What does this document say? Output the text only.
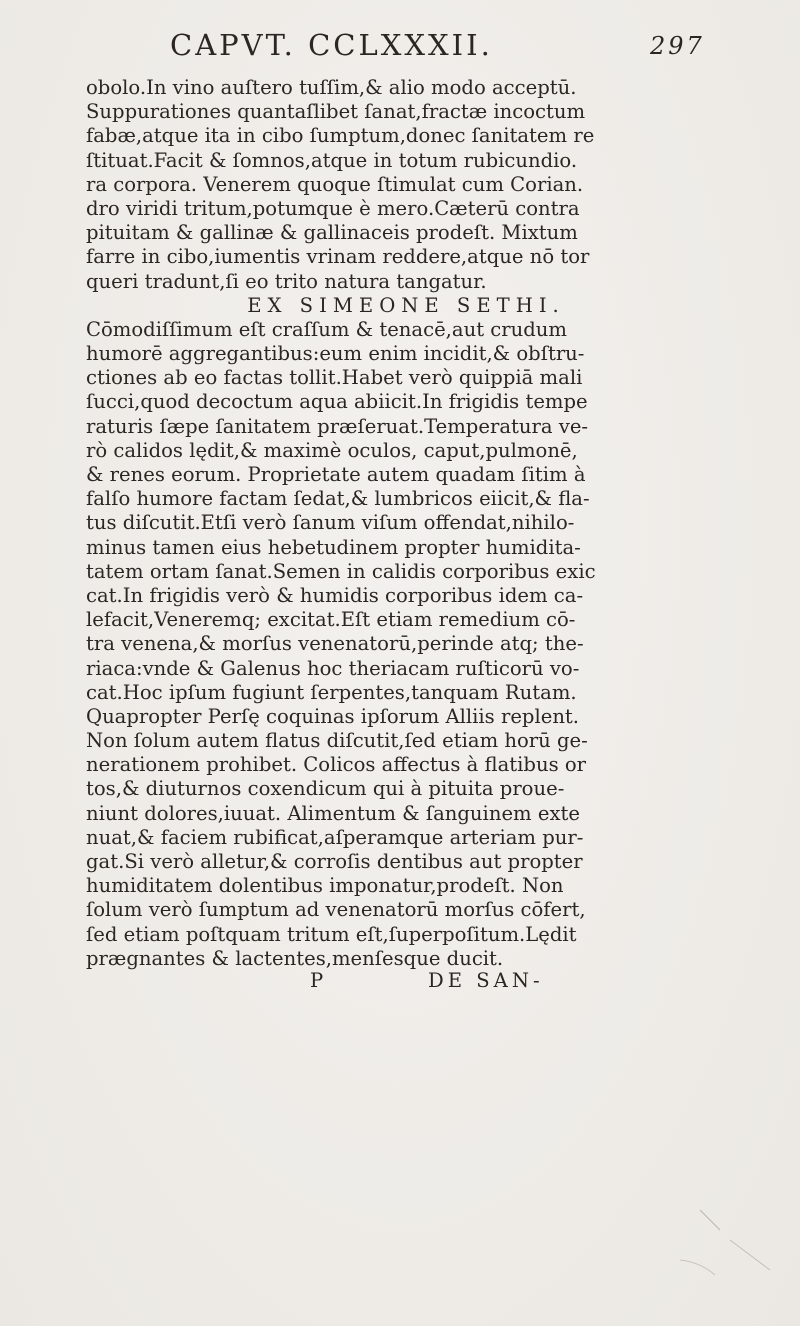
CAPVT. CCLXXXII.	297
obolo.In vino auſtero tuſſim,& alio modo acceptū.
Suppurationes quantaſlibet ſanat,fractæ incoctum
fabæ,atque ita in cibo ſumptum,donec ſanitatem re
ſtituat.Facit & ſomnos,atque in totum rubicundio.
ra corpora. Venerem quoque ſtimulat cum Corian.
dro viridi tritum,potumque è mero.Cæterū contra
pituitam & gallinæ & gallinaceis prodeſt. Mixtum
farre in cibo,iumentis vrinam reddere,atque nō tor
queri tradunt,ſi eo trito natura tangatur.
EX SIMEONE SETHI.
Cōmodiſſimum eſt craſſum & tenacē,aut crudum
humorē aggregantibus:eum enim incidit,& obſtru-
ctiones ab eo factas tollit.Habet verò quippiā mali
ſucci,quod decoctum aqua abiicit.In frigidis tempe
raturis ſæpe ſanitatem præſeruat.Temperatura ve-
rò calidos lędit,& maximè oculos, caput,pulmonē,
& renes eorum. Proprietate autem quadam ſitim à
falſo humore factam ſedat,& lumbricos eiicit,& fla-
tus diſcutit.Etſi verò ſanum viſum offendat,nihilo-
minus tamen eius hebetudinem propter humidita-
tatem ortam ſanat.Semen in calidis corporibus exic
cat.In frigidis verò & humidis corporibus idem ca-
lefacit,Veneremq; excitat.Eſt etiam remedium cō-
tra venena,& morſus venenatorū,perinde atq; the-
riaca:vnde & Galenus hoc theriacam ruſticorū vo-
cat.Hoc ipſum fugiunt ſerpentes,tanquam Rutam.
Quapropter Perſę coquinas ipſorum Alliis replent.
Non ſolum autem flatus diſcutit,ſed etiam horū ge-
nerationem prohibet. Colicos affectus à flatibus or
tos,& diuturnos coxendicum qui à pituita proue-
niunt dolores,iuuat. Alimentum & ſanguinem exte
nuat,& faciem rubificat,aſperamque arteriam pur-
gat.Si verò alletur,& corroſis dentibus aut propter
humiditatem dolentibus imponatur,prodeſt. Non
ſolum verò ſumptum ad venenatorū morſus cōfert,
ſed etiam poſtquam tritum eſt,ſuperpoſitum.Lędit
prægnantes & lactentes,menſesque ducit.
P	DE SAN-
